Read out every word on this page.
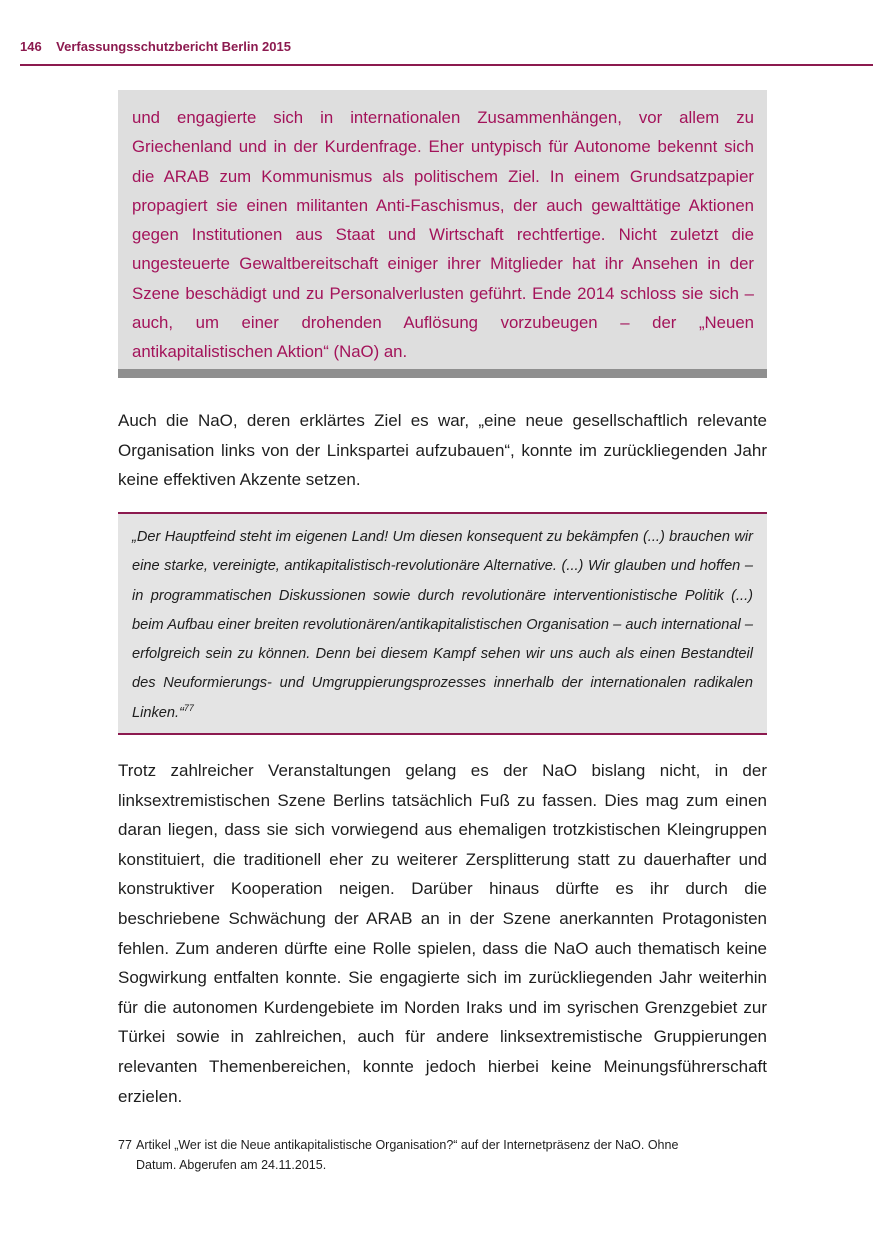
146 Verfassungsschutzbericht Berlin 2015

und engagierte sich in internationalen Zusammenhängen, vor allem zu Griechenland und in der Kurdenfrage. Eher untypisch für Autonome bekennt sich die ARAB zum Kommunismus als politischem Ziel. In einem Grundsatzpapier propagiert sie einen militanten Anti-Faschismus, der auch gewalttätige Aktionen gegen Institutionen aus Staat und Wirtschaft rechtfertige. Nicht zuletzt die ungesteuerte Gewaltbereitschaft einiger ihrer Mitglieder hat ihr Ansehen in der Szene beschädigt und zu Personalverlusten geführt. Ende 2014 schloss sie sich – auch, um einer drohenden Auflösung vorzubeugen – der „Neuen antikapitalistischen Aktion“ (NaO) an.

Auch die NaO, deren erklärtes Ziel es war, „eine neue gesellschaftlich relevante Organisation links von der Linkspartei aufzubauen“, konnte im zurückliegenden Jahr keine effektiven Akzente setzen.

„Der Hauptfeind steht im eigenen Land! Um diesen konsequent zu bekämpfen (...) brauchen wir eine starke, vereinigte, antikapitalistisch-revolutionäre Alternative. (...) Wir glauben und hoffen – in programmatischen Diskussionen sowie durch revolutionäre interventionistische Politik (...) beim Aufbau einer breiten revolutionären/antikapitalistischen Organisation – auch international – erfolgreich sein zu können. Denn bei diesem Kampf sehen wir uns auch als einen Bestandteil des Neuformierungs- und Umgruppierungsprozesses innerhalb der internationalen radikalen Linken.“$^{77}$

Trotz zahlreicher Veranstaltungen gelang es der NaO bislang nicht, in der linksextremistischen Szene Berlins tatsächlich Fuß zu fassen. Dies mag zum einen daran liegen, dass sie sich vorwiegend aus ehemaligen trotzkistischen Kleingruppen konstituiert, die traditionell eher zu weiterer Zersplitterung statt zu dauerhafter und konstruktiver Kooperation neigen. Darüber hinaus dürfte es ihr durch die beschriebene Schwächung der ARAB an in der Szene anerkannten Protagonisten fehlen. Zum anderen dürfte eine Rolle spielen, dass die NaO auch thematisch keine Sogwirkung entfalten konnte. Sie engagierte sich im zurückliegenden Jahr weiterhin für die autonomen Kurdengebiete im Norden Iraks und im syrischen Grenzgebiet zur Türkei sowie in zahlreichen, auch für andere linksextremistische Gruppierungen relevanten Themenbereichen, konnte jedoch hierbei keine Meinungsführerschaft erzielen.

77 Artikel „Wer ist die Neue antikapitalistische Organisation?“ auf der Internetpräsenz der NaO. Ohne
Datum. Abgerufen am 24.11.2015.
